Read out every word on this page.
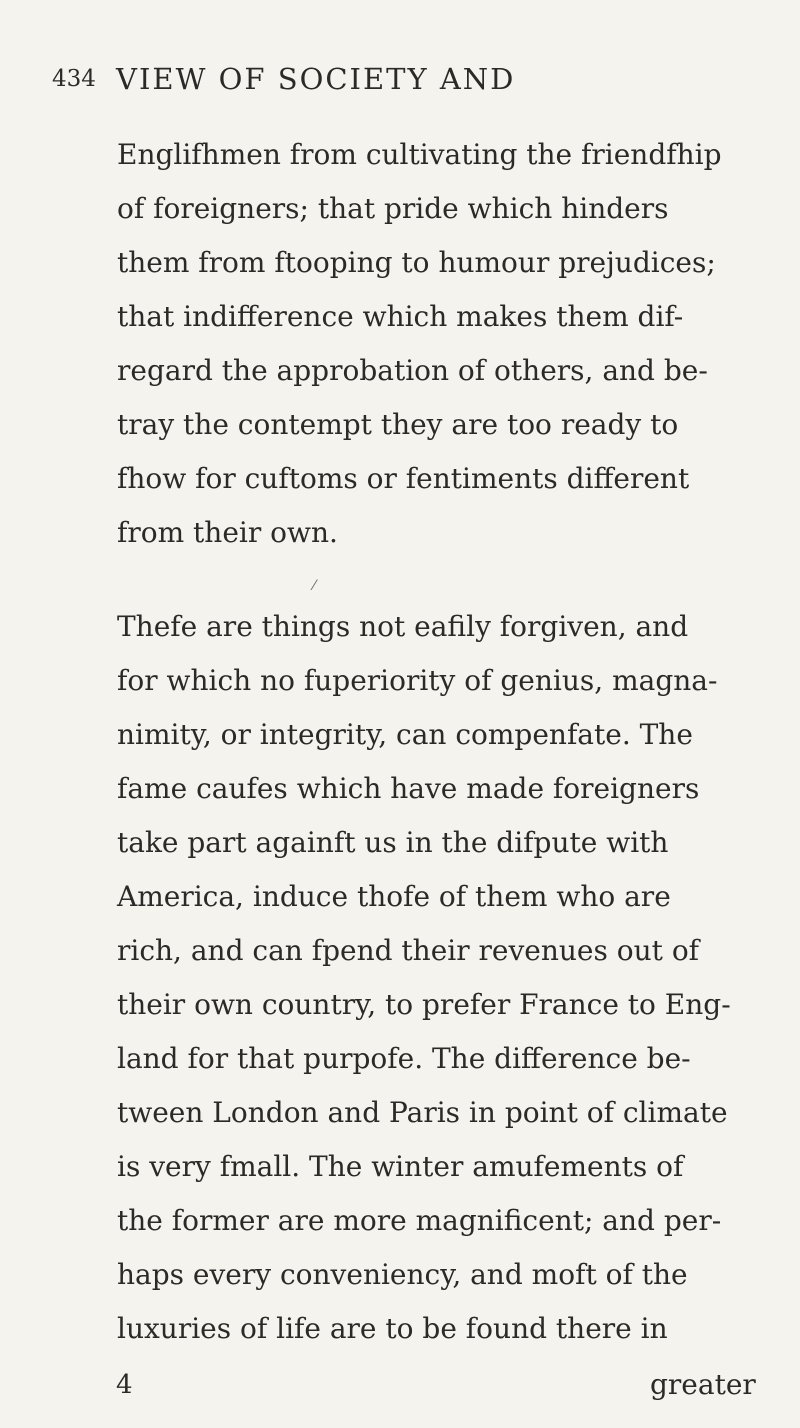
434 VIEW OF SOCIETY AND
Englifhmen from cultivating the friendfhip
of foreigners; that pride which hinders
them from ftooping to humour prejudices;
that indifference which makes them dif-
regard the approbation of others, and be-
tray the contempt they are too ready to
fhow for cuftoms or fentiments different
from their own.
Thefe are things not eafily forgiven, and
for which no fuperiority of genius, magna-
nimity, or integrity, can compenfate. The
fame caufes which have made foreigners
take part againft us in the difpute with
America, induce thofe of them who are
rich, and can fpend their revenues out of
their own country, to prefer France to Eng-
land for that purpofe. The difference be-
tween London and Paris in point of climate
is very fmall. The winter amufements of
the former are more magnificent; and per-
haps every conveniency, and moft of the
luxuries of life are to be found there in
⁄
4	greater
